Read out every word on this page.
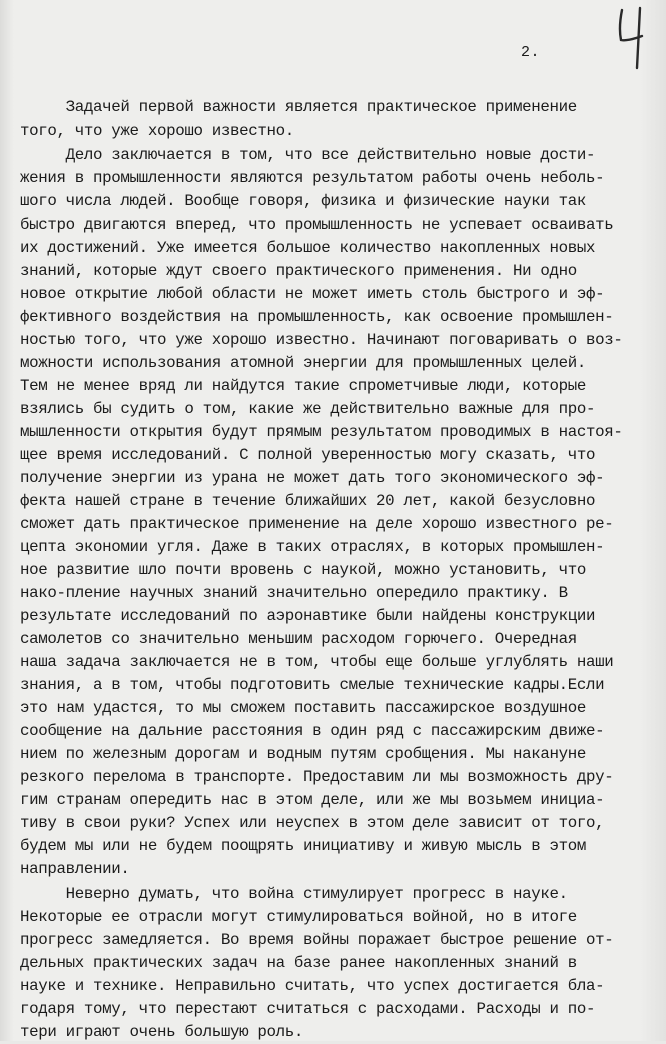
2.
Задачей первой важности является практическое применение
того, что уже хорошо известно.
Дело заключается в том, что все действительно новые дости-
жения в промышленности являются результатом работы очень неболь-
шого числа людей. Вообще говоря, физика и физические науки так
быстро двигаются вперед, что промышленность не успевает осваивать
их достижений. Уже имеется большое количество накопленных новых
знаний, которые ждут своего практического применения. Ни одно
новое открытие любой области не может иметь столь быстрого и эф-
фективного воздействия на промышленность, как освоение промышлен-
ностью того, что уже хорошо известно. Начинают поговаривать о воз-
можности использования атомной энергии для промышленных целей.
Тем не менее вряд ли найдутся такие спрометчивые люди, которые
взялись бы судить о том, какие же действительно важные для про-
мышленности открытия будут прямым результатом проводимых в настоя-
щее время исследований. С полной уверенностью могу сказать, что
получение энергии из урана не может дать того экономического эф-
фекта нашей стране в течение ближайших 20 лет, какой безусловно
сможет дать практическое применение на деле хорошо известного ре-
цепта экономии угля. Даже в таких отраслях, в которых промышлен-
ное развитие шло почти вровень с наукой, можно установить, что
нако-пление научных знаний значительно опередило практику. В
результате исследований по аэронавтике были найдены конструкции
самолетов со значительно меньшим расходом горючего. Очередная
наша задача заключается не в том, чтобы еще больше углублять наши
знания, а в том, чтобы подготовить смелые технические кадры.Если
это нам удастся, то мы сможем поставить пассажирское воздушное
сообщение на дальние расстояния в один ряд с пассажирским движе-
нием по железным дорогам и водным путям сробщения. Мы накануне
резкого перелома в транспорте. Предоставим ли мы возможность дру-
гим странам опередить нас в этом деле, или же мы возьмем инициа-
тиву в свои руки? Успех или неуспех в этом деле зависит от того,
будем мы или не будем поощрять инициативу и живую мысль в этом
направлении.
Неверно думать, что война стимулирует прогресс в науке.
Некоторые ее отрасли могут стимулироваться войной, но в итоге
прогресс замедляется. Во время войны поражает быстрое решение от-
дельных практических задач на базе ранее накопленных знаний в
науке и технике. Неправильно считать, что успех достигается бла-
годаря тому, что перестают считаться с расходами. Расходы и по-
тери играют очень большую роль.
